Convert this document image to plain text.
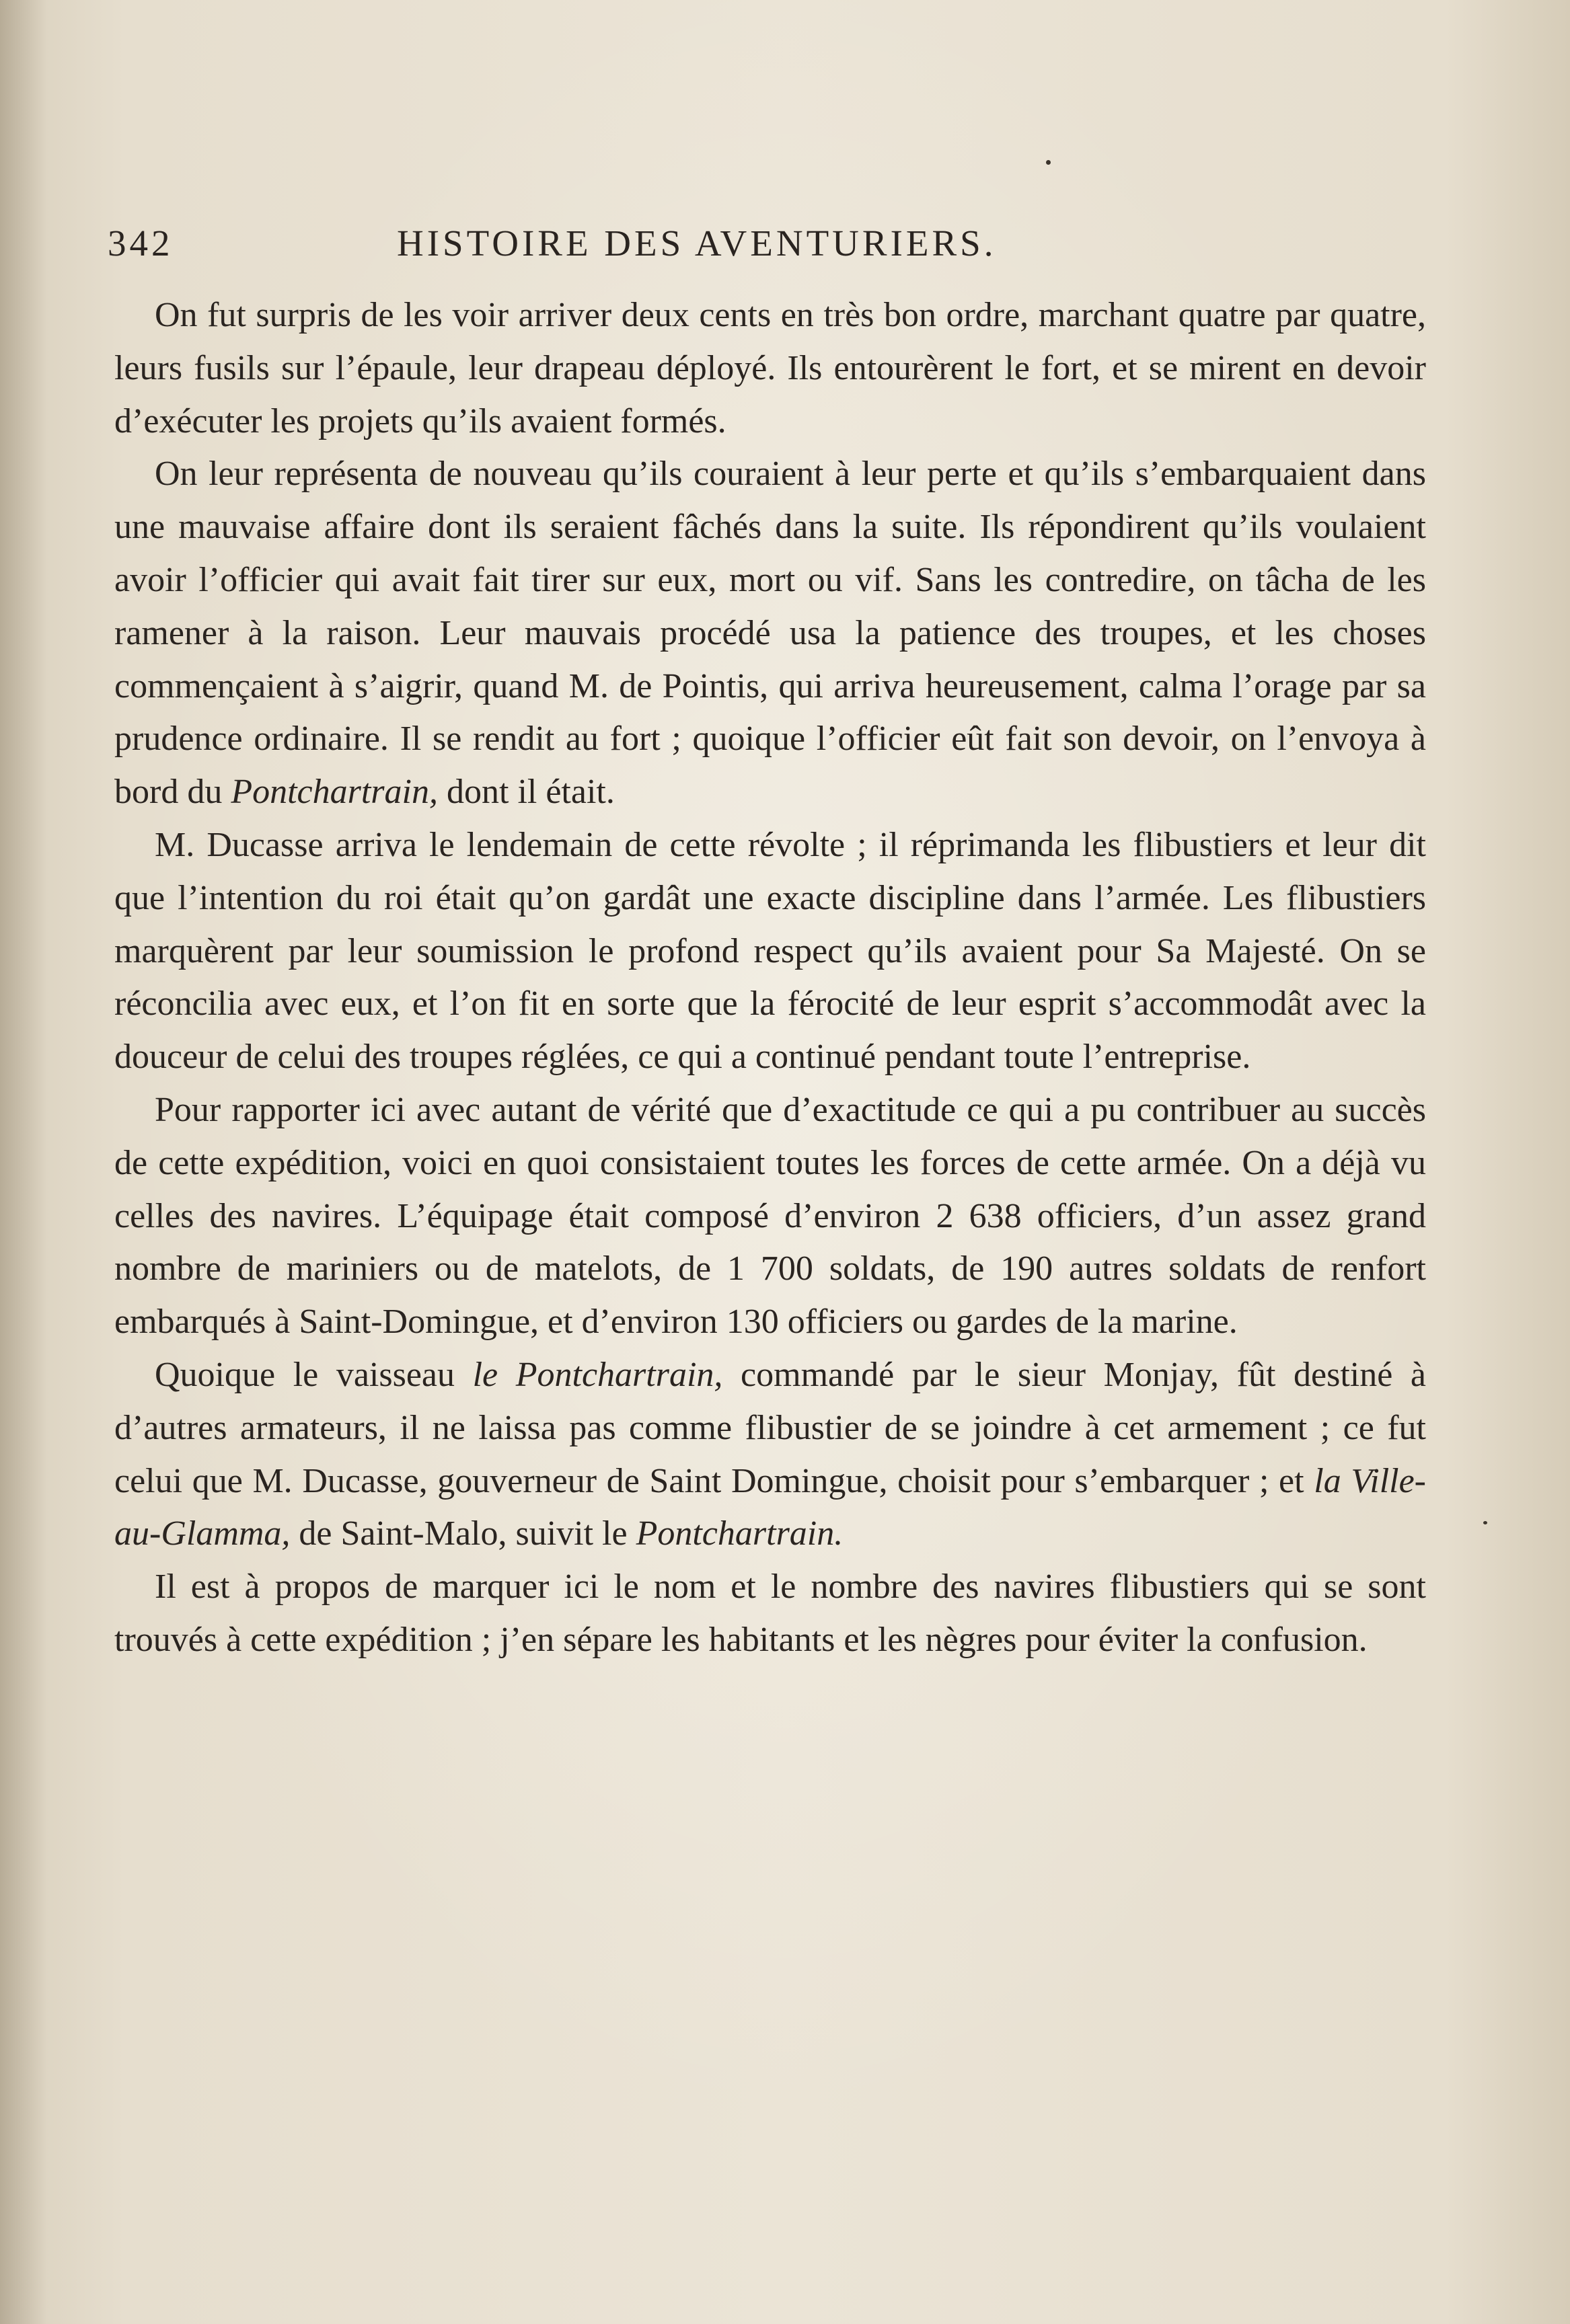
342	HISTOIRE DES AVENTURIERS.

On fut surpris de les voir arriver deux cents en très bon ordre, marchant quatre par quatre, leurs fusils sur l’épaule, leur drapeau déployé. Ils entourèrent le fort, et se mirent en devoir d’exécuter les projets qu’ils avaient formés.

On leur représenta de nouveau qu’ils couraient à leur perte et qu’ils s’embarquaient dans une mauvaise affaire dont ils seraient fâchés dans la suite. Ils répondirent qu’ils voulaient avoir l’officier qui avait fait tirer sur eux, mort ou vif. Sans les contredire, on tâcha de les ramener à la raison. Leur mauvais procédé usa la patience des troupes, et les choses commençaient à s’aigrir, quand M. de Pointis, qui arriva heureusement, calma l’orage par sa prudence ordinaire. Il se rendit au fort ; quoique l’officier eût fait son devoir, on l’envoya à bord du Pontchartrain, dont il était.

M. Ducasse arriva le lendemain de cette révolte ; il réprimanda les flibustiers et leur dit que l’intention du roi était qu’on gardât une exacte discipline dans l’armée. Les flibustiers marquèrent par leur soumission le profond respect qu’ils avaient pour Sa Majesté. On se réconcilia avec eux, et l’on fit en sorte que la férocité de leur esprit s’accommodât avec la douceur de celui des troupes réglées, ce qui a continué pendant toute l’entreprise.

Pour rapporter ici avec autant de vérité que d’exactitude ce qui a pu contribuer au succès de cette expédition, voici en quoi consistaient toutes les forces de cette armée. On a déjà vu celles des navires. L’équipage était composé d’environ 2 638 officiers, d’un assez grand nombre de mariniers ou de matelots, de 1 700 soldats, de 190 autres soldats de renfort embarqués à Saint-Domingue, et d’environ 130 officiers ou gardes de la marine.

Quoique le vaisseau le Pontchartrain, commandé par le sieur Monjay, fût destiné à d’autres armateurs, il ne laissa pas comme flibustier de se joindre à cet armement ; ce fut celui que M. Ducasse, gouverneur de Saint Domingue, choisit pour s’embarquer ; et la Ville-au-Glamma, de Saint-Malo, suivit le Pontchartrain.

Il est à propos de marquer ici le nom et le nombre des navires flibustiers qui se sont trouvés à cette expédition ; j’en sépare les habitants et les nègres pour éviter la confusion.
